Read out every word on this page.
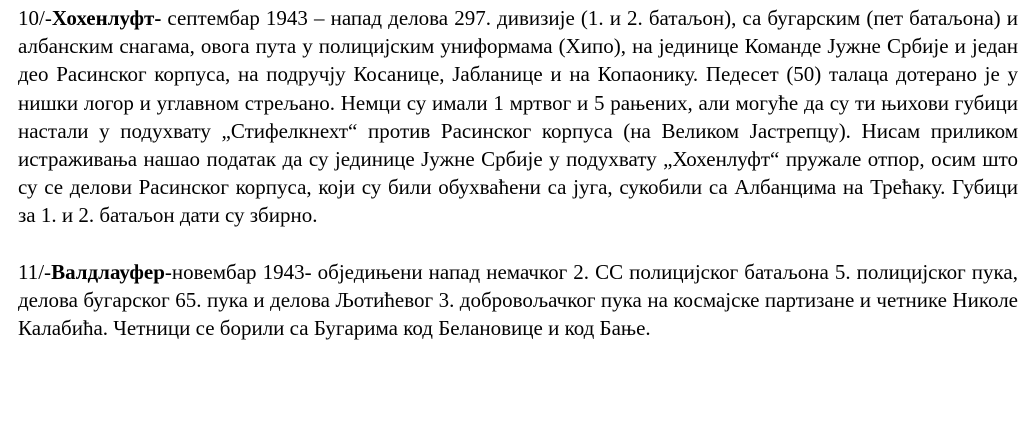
10/-Хохенлуфт- септембар 1943 – напад делова 297. дивизије (1. и 2. батаљон), са бугарским (пет батаљона) и албанским снагама, овога пута у полицијским униформама (Хипо), на јединице Команде Јужне Србије и један део Расинског корпуса, на подручју Косанице, Јабланице и на Копаонику. Педесет (50) талаца дотерано је у нишки логор и углавном стрељано. Немци су имали 1 мртвог и 5 рањених, али могуће да су ти њихови губици настали у подухвату „Стифелкнехт“ против Расинског корпуса (на Великом Јастрепцу). Нисам приликом истраживања нашао податак да су јединице Јужне Србије у подухвату „Хохенлуфт“ пружале отпор, осим што су се делови Расинског корпуса, који су били обухваћени са југа, сукобили са Албанцима на Трећаку. Губици за 1. и 2. батаљон дати су збирно.

11/-Валдлауфер-новембар 1943- обједињени напад немачког 2. СС полицијског батаљона 5. полицијског пука, делова бугарског 65. пука и делова Љотићевог 3. добровољачког пука на космајске партизане и четнике Николе Калабића. Четници се борили са Бугарима код Белановице и код Бање.
